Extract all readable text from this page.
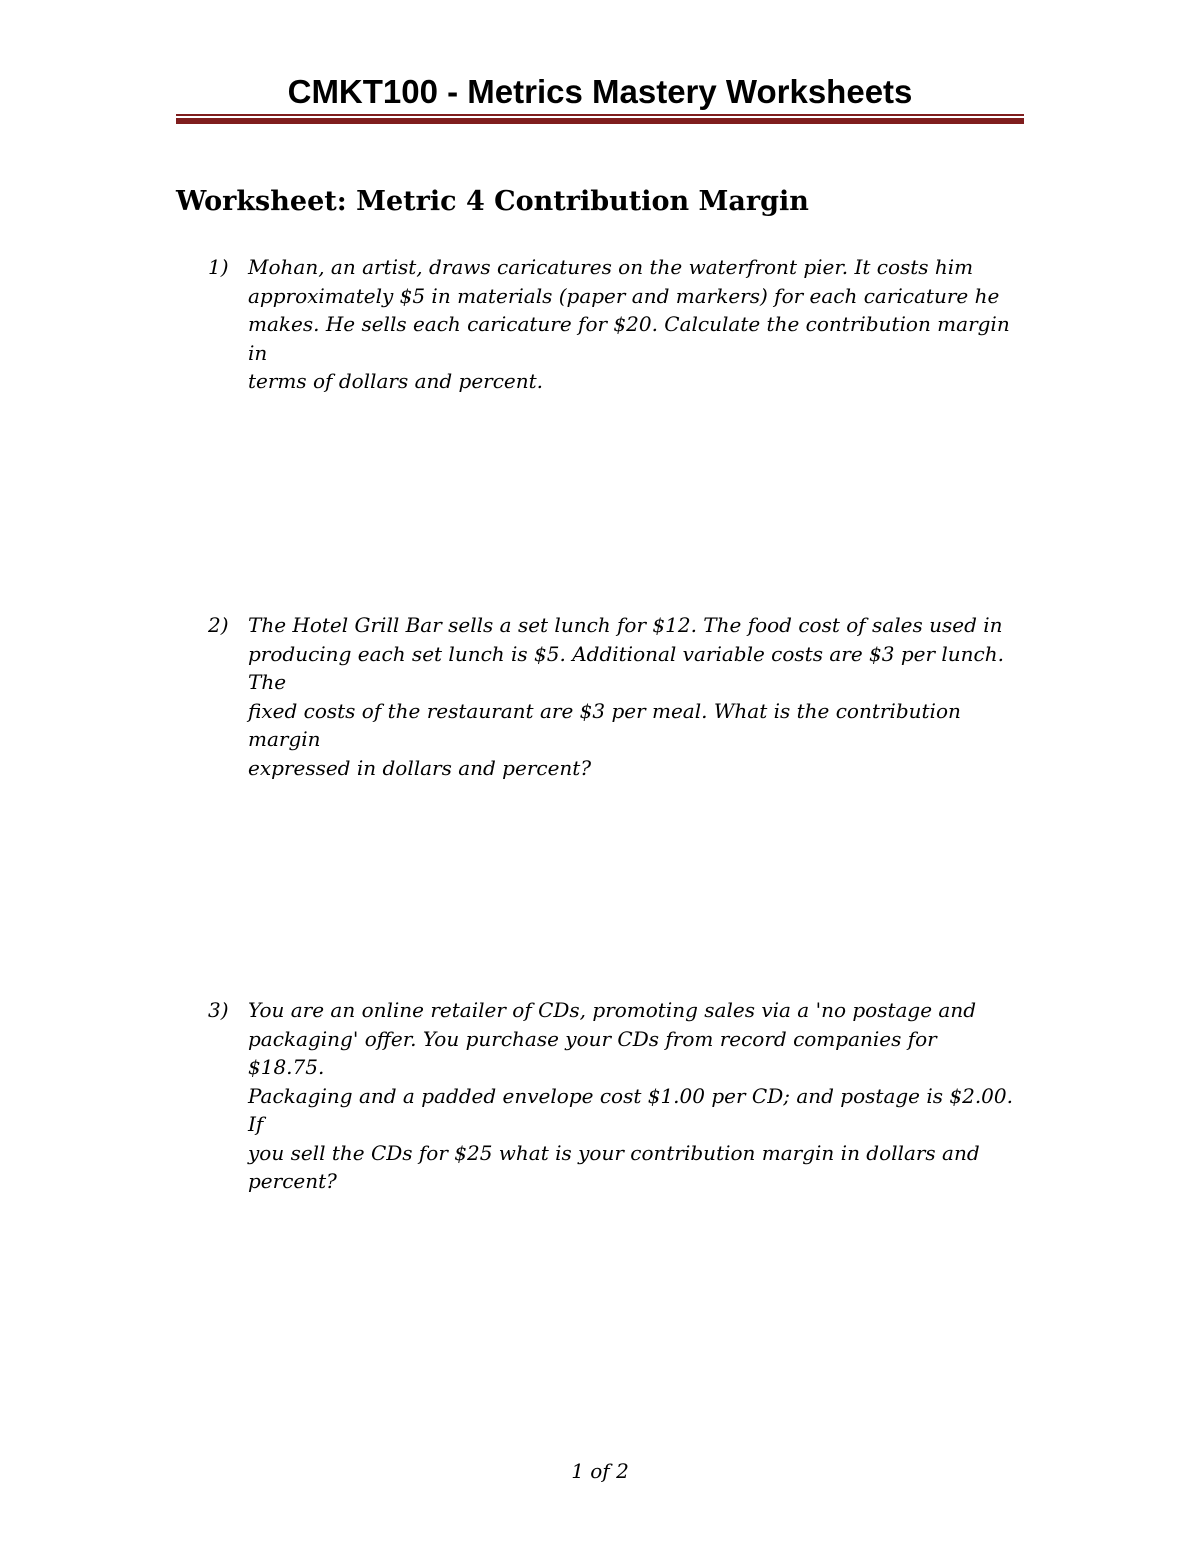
CMKT100 - Metrics Mastery Worksheets
Worksheet: Metric 4 Contribution Margin
1) Mohan, an artist, draws caricatures on the waterfront pier. It costs him
approximately $5 in materials (paper and markers) for each caricature he
makes. He sells each caricature for $20. Calculate the contribution margin in
terms of dollars and percent.
2) The Hotel Grill Bar sells a set lunch for $12. The food cost of sales used in
producing each set lunch is $5. Additional variable costs are $3 per lunch. The
fixed costs of the restaurant are $3 per meal. What is the contribution margin
expressed in dollars and percent?
3) You are an online retailer of CDs, promoting sales via a 'no postage and
packaging' offer. You purchase your CDs from record companies for $18.75.
Packaging and a padded envelope cost $1.00 per CD; and postage is $2.00. If
you sell the CDs for $25 what is your contribution margin in dollars and
percent?
1 of 2
